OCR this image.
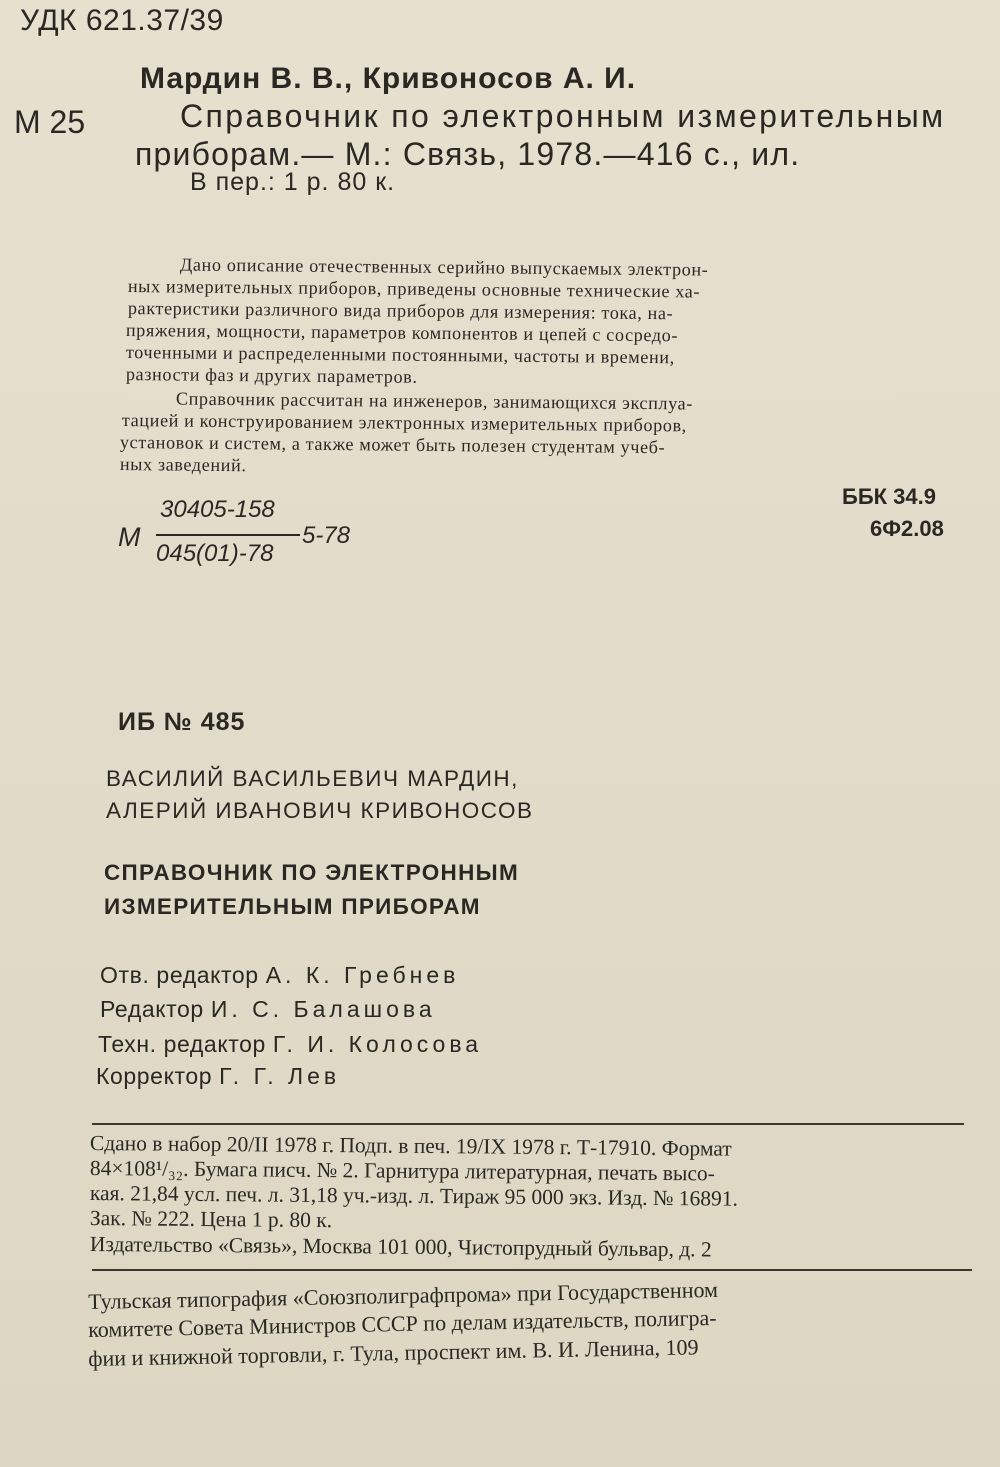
УДК 621.37/39
М 25
Мардин В. В., Кривоносов А. И.
Справочник по электронным измерительным
приборам.— М.: Связь, 1978.—416 с., ил.
В пер.: 1 р. 80 к.
Дано описание отечественных серийно выпускаемых электрон-
ных измерительных приборов, приведены основные технические ха-
рактеристики различного вида приборов для измерения: тока, на-
пряжения, мощности, параметров компонентов и цепей с сосредо-
точенными и распределенными постоянными, частоты и времени,
разности фаз и других параметров.
Справочник рассчитан на инженеров, занимающихся эксплуа-
тацией и конструированием электронных измерительных приборов,
установок и систем, а также может быть полезен студентам учеб-
ных заведений.
ББК 34.9
6Ф2.08
М
30405-158
045(01)-78
5-78
ИБ № 485
ВАСИЛИЙ ВАСИЛЬЕВИЧ МАРДИН,
АЛЕРИЙ ИВАНОВИЧ КРИВОНОСОВ
СПРАВОЧНИК ПО ЭЛЕКТРОННЫМ
ИЗМЕРИТЕЛЬНЫМ ПРИБОРАМ
Отв. редактор А. К. Гребнев
Редактор И. С. Балашова
Техн. редактор Г. И. Колосова
Корректор Г. Г. Лев
Сдано в набор 20/II 1978 г. Подп. в печ. 19/IX 1978 г. Т-17910. Формат
84×108¹/₃₂. Бумага писч. № 2. Гарнитура литературная, печать высо-
кая. 21,84 усл. печ. л. 31,18 уч.-изд. л. Тираж 95 000 экз. Изд. № 16891.
Зак. № 222. Цена 1 р. 80 к.
Издательство «Связь», Москва 101 000, Чистопрудный бульвар, д. 2
Тульская типография «Союзполиграфпрома» при Государственном
комитете Совета Министров СССР по делам издательств, полигра-
фии и книжной торговли, г. Тула, проспект им. В. И. Ленина, 109
